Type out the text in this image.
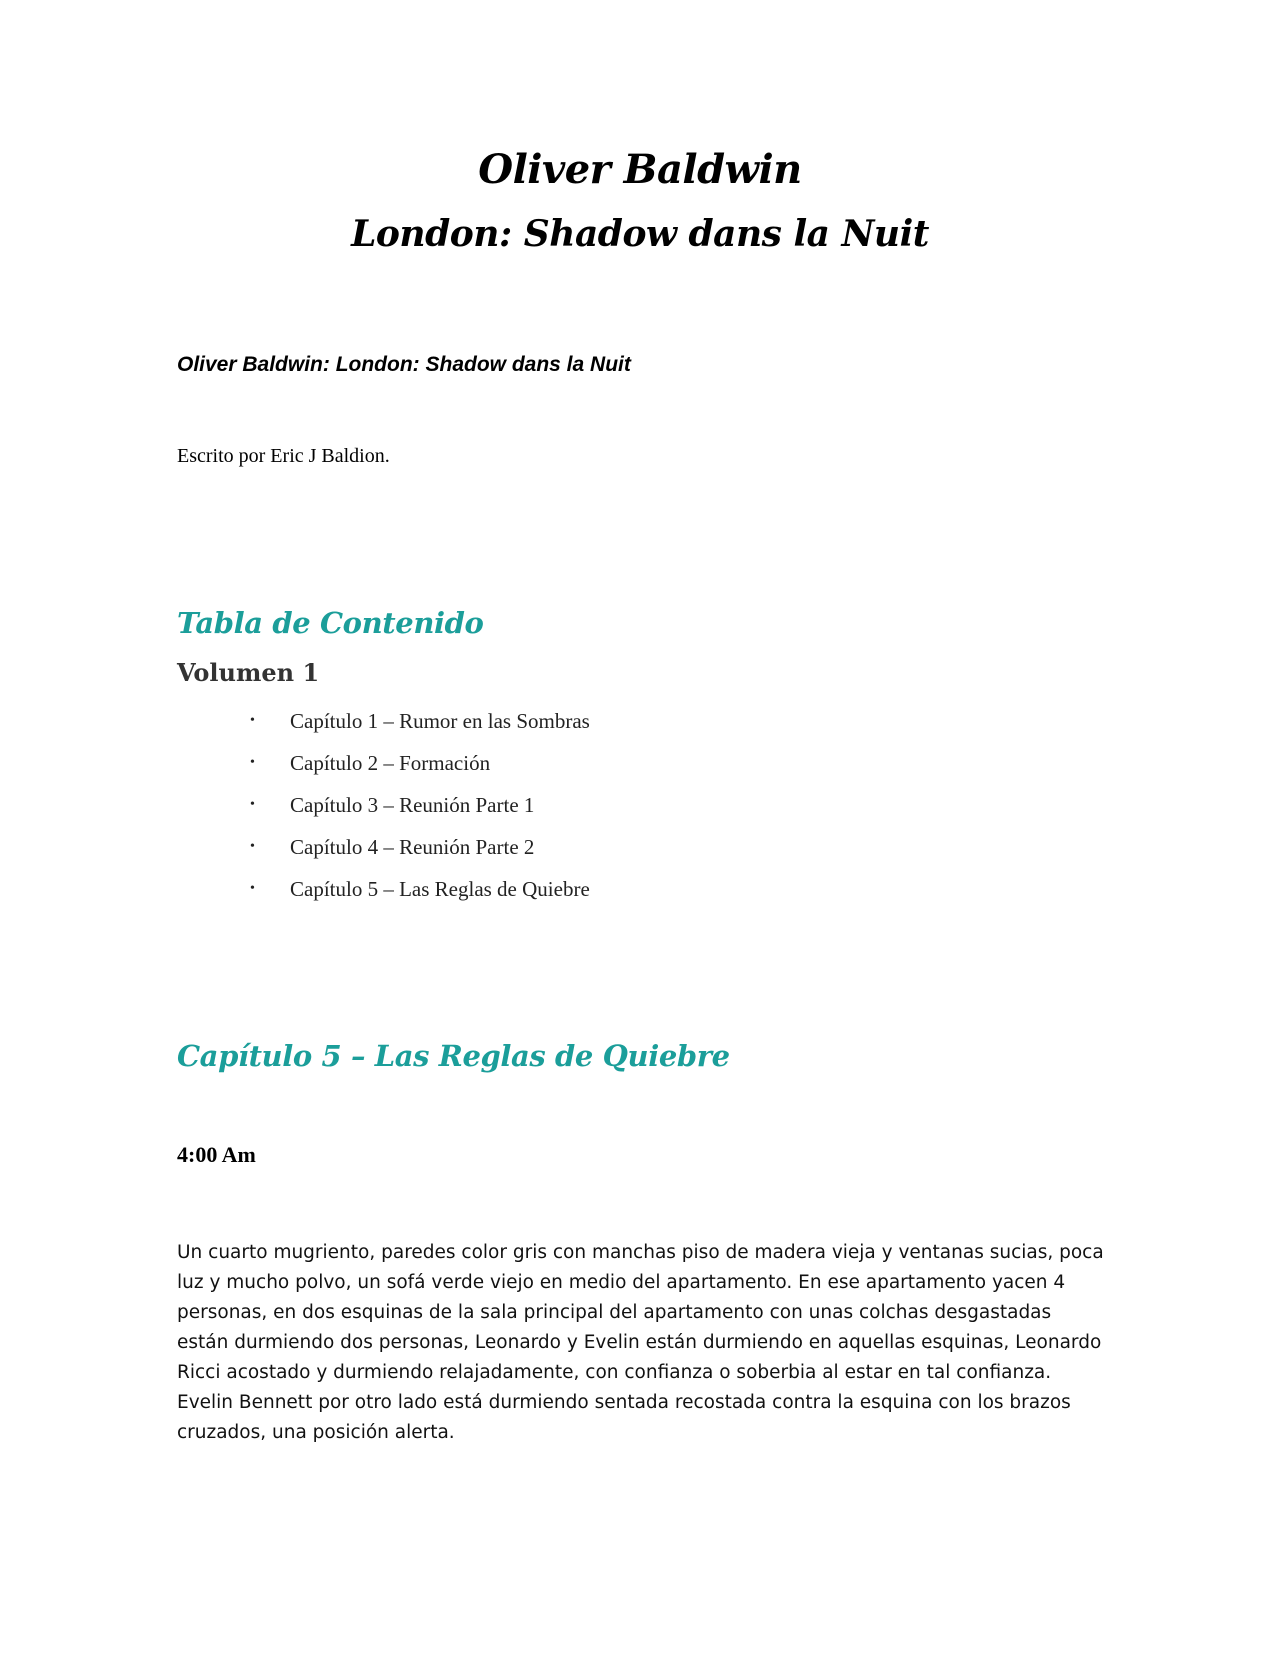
Oliver Baldwin
London: Shadow dans la Nuit

Oliver Baldwin: London: Shadow dans la Nuit

Escrito por Eric J Baldion.

Tabla de Contenido
Volumen 1
• Capítulo 1 – Rumor en las Sombras
• Capítulo 2 – Formación
• Capítulo 3 – Reunión Parte 1
• Capítulo 4 – Reunión Parte 2
• Capítulo 5 – Las Reglas de Quiebre
Capítulo 5 – Las Reglas de Quiebre

4:00 Am

Un cuarto mugriento, paredes color gris con manchas piso de madera vieja y ventanas sucias, poca luz y mucho polvo, un sofá verde viejo en medio del apartamento. En ese apartamento yacen 4 personas, en dos esquinas de la sala principal del apartamento con unas colchas desgastadas están durmiendo dos personas, Leonardo y Evelin están durmiendo en aquellas esquinas, Leonardo Ricci acostado y durmiendo relajadamente, con confianza o soberbia al estar en tal confianza. Evelin Bennett por otro lado está durmiendo sentada recostada contra la esquina con los brazos cruzados, una posición alerta.
